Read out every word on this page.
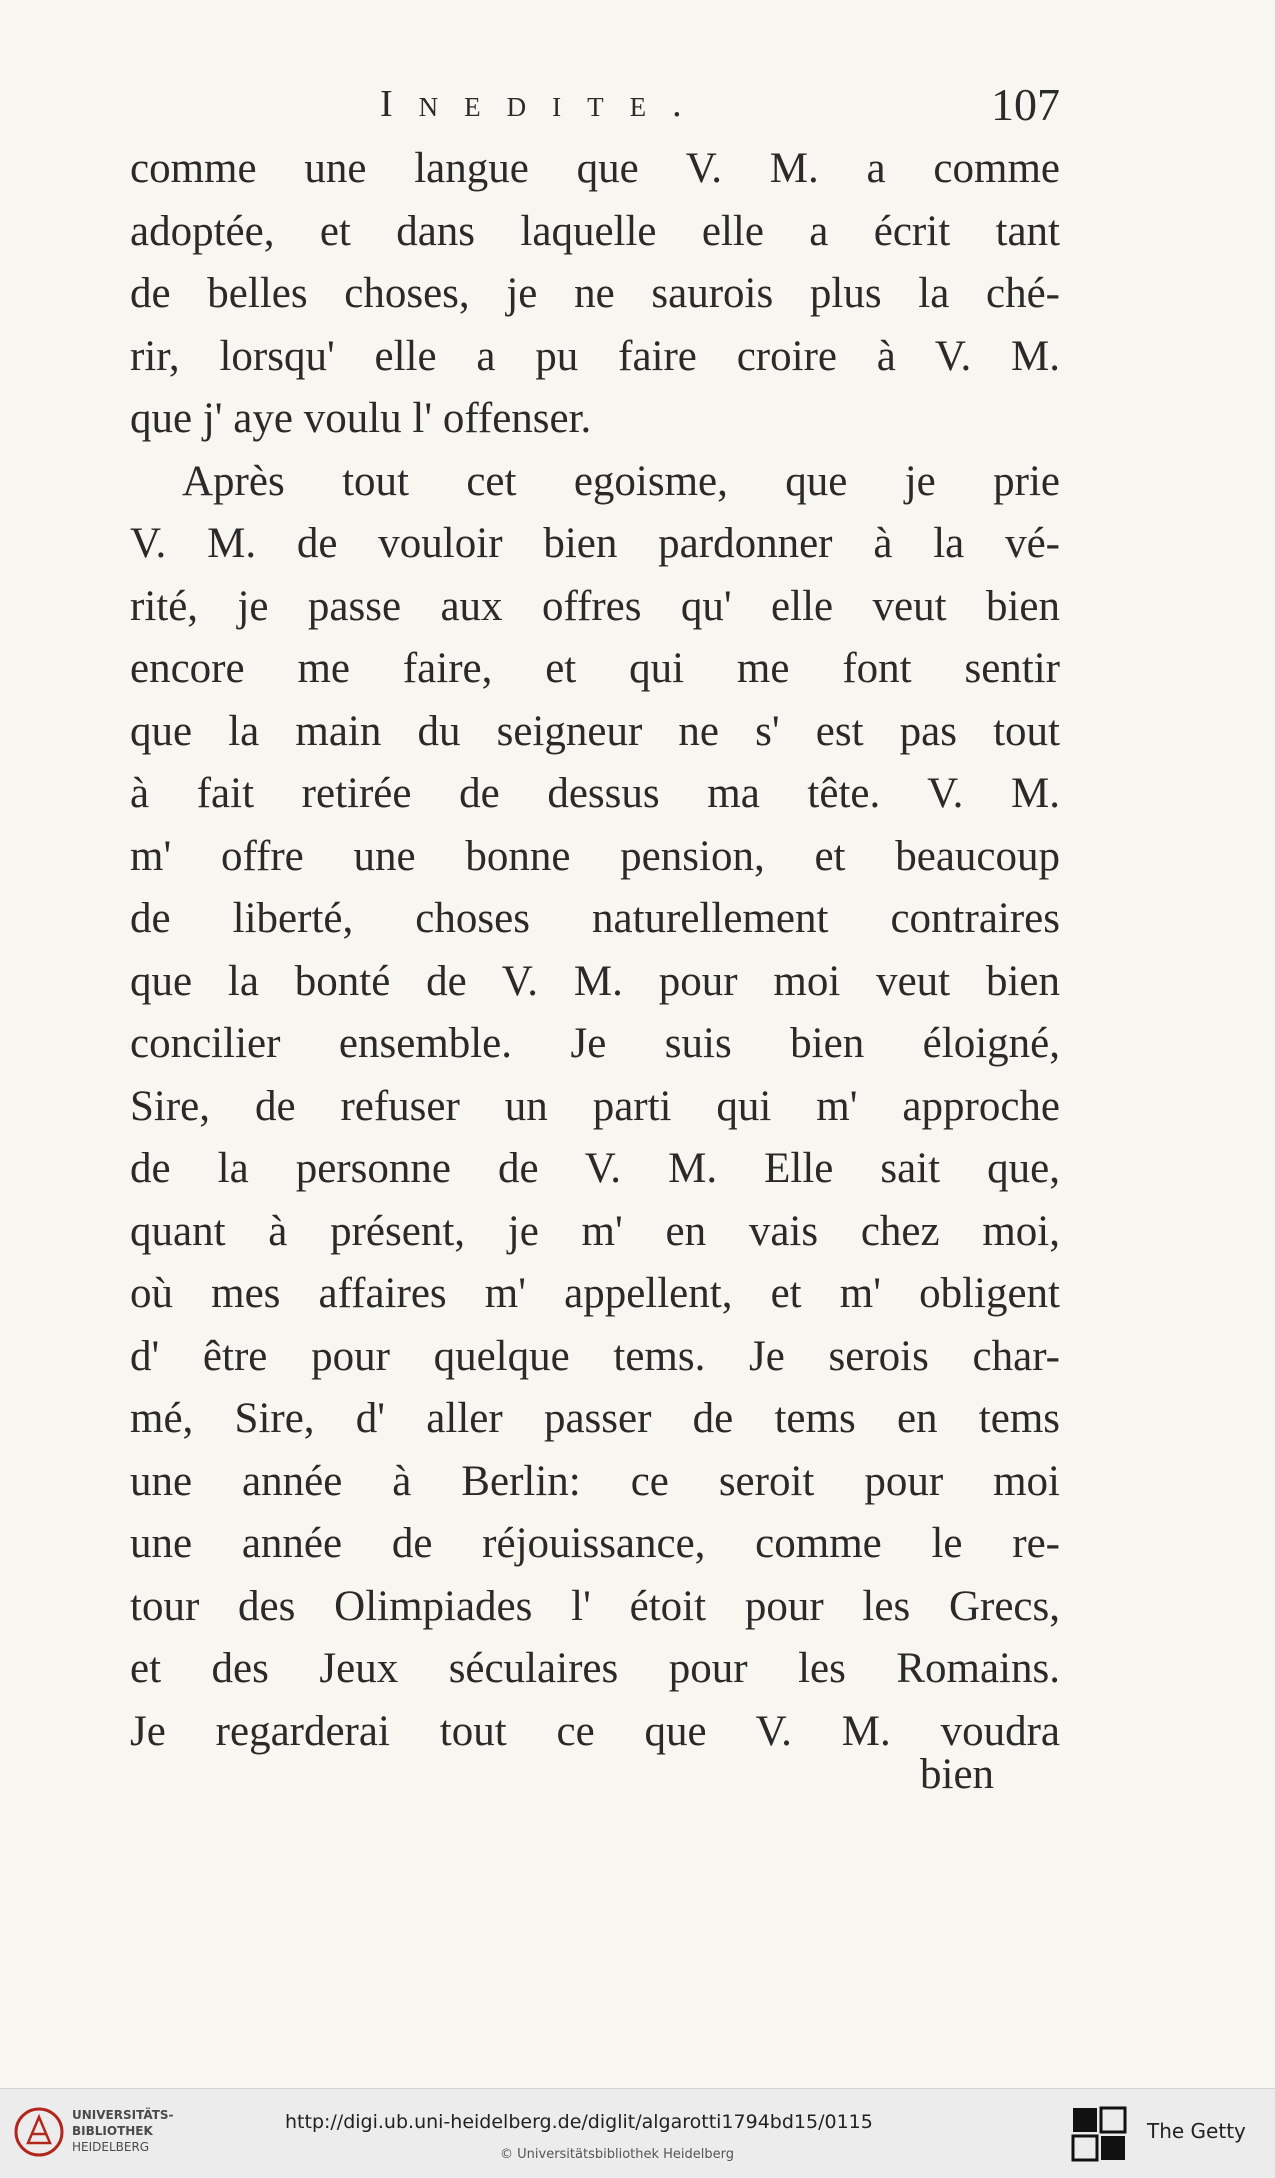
Inedite.	107
comme une langue que V. M. a comme
adoptée, et dans laquelle elle a écrit tant
de belles choses, je ne saurois plus la ché-
rir, lorsqu' elle a pu faire croire à V. M.
que j' aye voulu l' offenser.
Après tout cet egoisme, que je prie
V. M. de vouloir bien pardonner à la vé-
rité, je passe aux offres qu' elle veut bien
encore me faire, et qui me font sentir
que la main du seigneur ne s' est pas tout
à fait retirée de dessus ma tête. V. M.
m' offre une bonne pension, et beaucoup
de liberté, choses naturellement contraires
que la bonté de V. M. pour moi veut bien
concilier ensemble. Je suis bien éloigné,
Sire, de refuser un parti qui m' approche
de la personne de V. M. Elle sait que,
quant à présent, je m' en vais chez moi,
où mes affaires m' appellent, et m' obligent
d' être pour quelque tems. Je serois char-
mé, Sire, d' aller passer de tems en tems
une année à Berlin: ce seroit pour moi
une année de réjouissance, comme le re-
tour des Olimpiades l' étoit pour les Grecs,
et des Jeux séculaires pour les Romains.
Je regarderai tout ce que V. M. voudra
bien
UNIVERSITÄTS-
BIBLIOTHEK
HEIDELBERG
http://digi.ub.uni-heidelberg.de/diglit/algarotti1794bd15/0115
© Universitätsbibliothek Heidelberg
The Getty
